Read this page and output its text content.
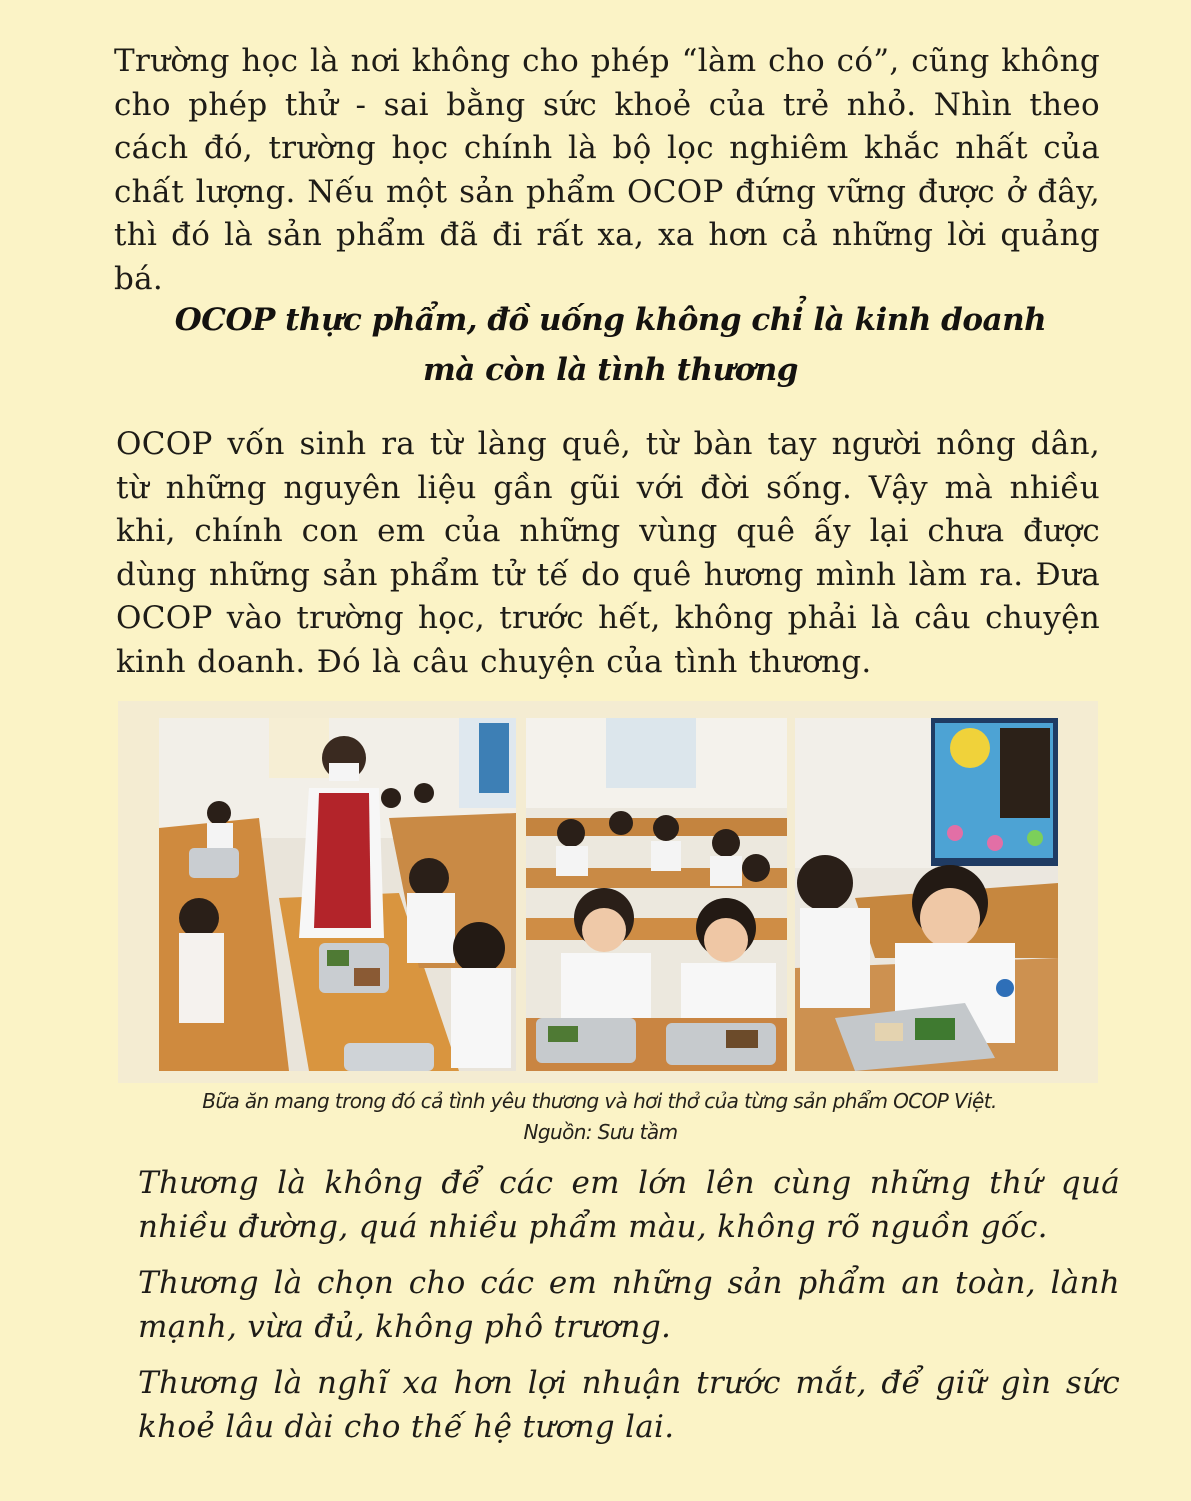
Trường học là nơi không cho phép “làm cho có”, cũng không cho phép thử - sai bằng sức khoẻ của trẻ nhỏ. Nhìn theo cách đó, trường học chính là bộ lọc nghiêm khắc nhất của chất lượng. Nếu một sản phẩm OCOP đứng vững được ở đây, thì đó là sản phẩm đã đi rất xa, xa hơn cả những lời quảng bá.

OCOP thực phẩm, đồ uống không chỉ là kinh doanh
mà còn là tình thương

OCOP vốn sinh ra từ làng quê, từ bàn tay người nông dân, từ những nguyên liệu gần gũi với đời sống. Vậy mà nhiều khi, chính con em của những vùng quê ấy lại chưa được dùng những sản phẩm tử tế do quê hương mình làm ra. Đưa OCOP vào trường học, trước hết, không phải là câu chuyện kinh doanh. Đó là câu chuyện của tình thương.

Bữa ăn mang trong đó cả tình yêu thương và hơi thở của từng sản phẩm OCOP Việt.
Nguồn: Sưu tầm

Thương là không để các em lớn lên cùng những thứ quá nhiều đường, quá nhiều phẩm màu, không rõ nguồn gốc.

Thương là chọn cho các em những sản phẩm an toàn, lành mạnh, vừa đủ, không phô trương.

Thương là nghĩ xa hơn lợi nhuận trước mắt, để giữ gìn sức khoẻ lâu dài cho thế hệ tương lai.
